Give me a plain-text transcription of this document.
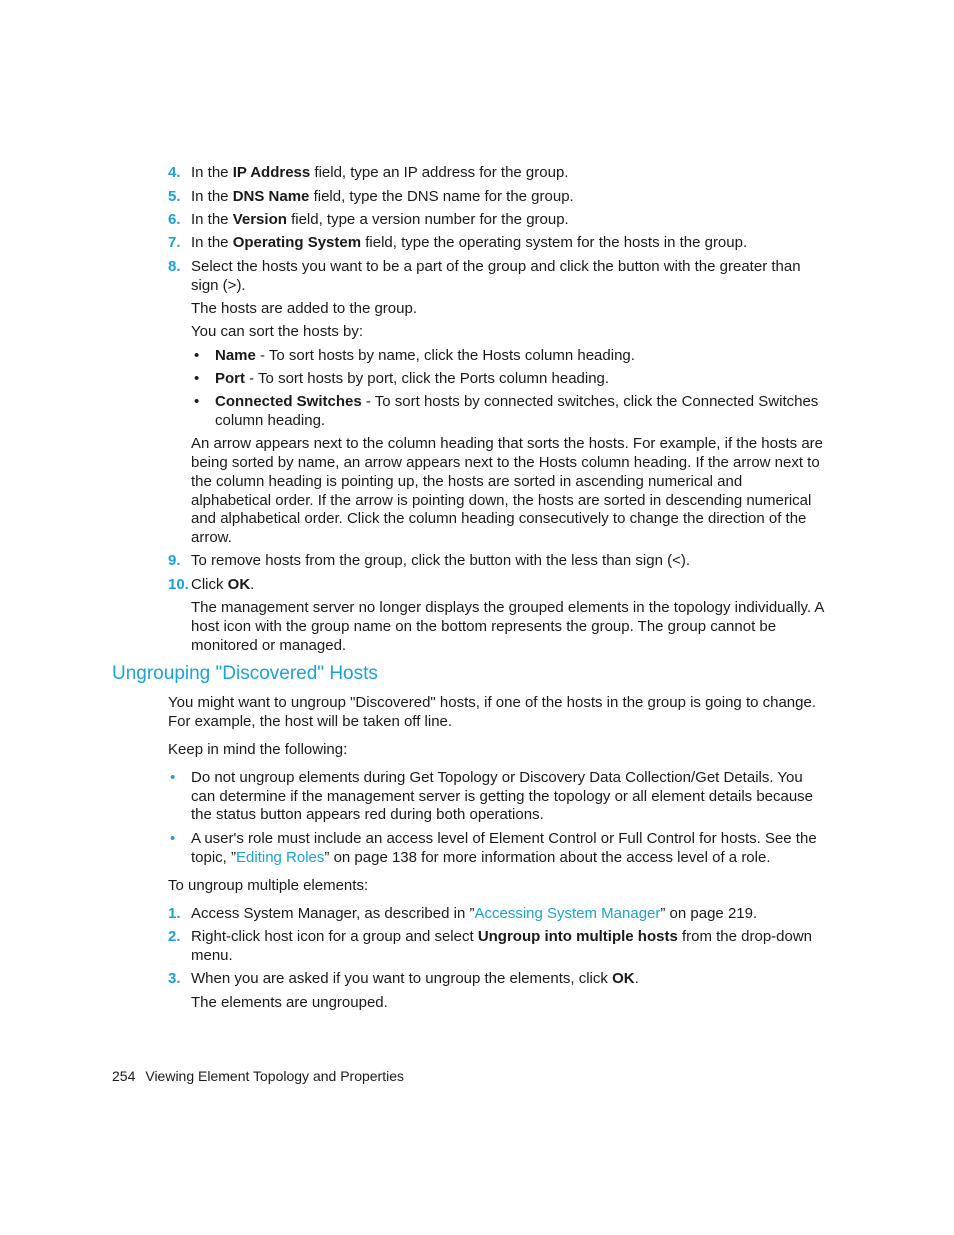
4. In the IP Address field, type an IP address for the group.
5. In the DNS Name field, type the DNS name for the group.
6. In the Version field, type a version number for the group.
7. In the Operating System field, type the operating system for the hosts in the group.
8. Select the hosts you want to be a part of the group and click the button with the greater than
sign (>).
The hosts are added to the group.
You can sort the hosts by:
• Name - To sort hosts by name, click the Hosts column heading.
• Port - To sort hosts by port, click the Ports column heading.
• Connected Switches - To sort hosts by connected switches, click the Connected Switches
column heading.
An arrow appears next to the column heading that sorts the hosts. For example, if the hosts are
being sorted by name, an arrow appears next to the Hosts column heading. If the arrow next to
the column heading is pointing up, the hosts are sorted in ascending numerical and
alphabetical order. If the arrow is pointing down, the hosts are sorted in descending numerical
and alphabetical order. Click the column heading consecutively to change the direction of the
arrow.
9. To remove hosts from the group, click the button with the less than sign (<).
10. Click OK.
The management server no longer displays the grouped elements in the topology individually. A
host icon with the group name on the bottom represents the group. The group cannot be
monitored or managed.
Ungrouping "Discovered" Hosts
You might want to ungroup "Discovered" hosts, if one of the hosts in the group is going to change.
For example, the host will be taken off line.
Keep in mind the following:
• Do not ungroup elements during Get Topology or Discovery Data Collection/Get Details. You
can determine if the management server is getting the topology or all element details because
the status button appears red during both operations.
• A user's role must include an access level of Element Control or Full Control for hosts. See the
topic, ”Editing Roles” on page 138 for more information about the access level of a role.
To ungroup multiple elements:
1. Access System Manager, as described in ”Accessing System Manager” on page 219.
2. Right-click host icon for a group and select Ungroup into multiple hosts from the drop-down
menu.
3. When you are asked if you want to ungroup the elements, click OK.
The elements are ungrouped.
254 Viewing Element Topology and Properties
